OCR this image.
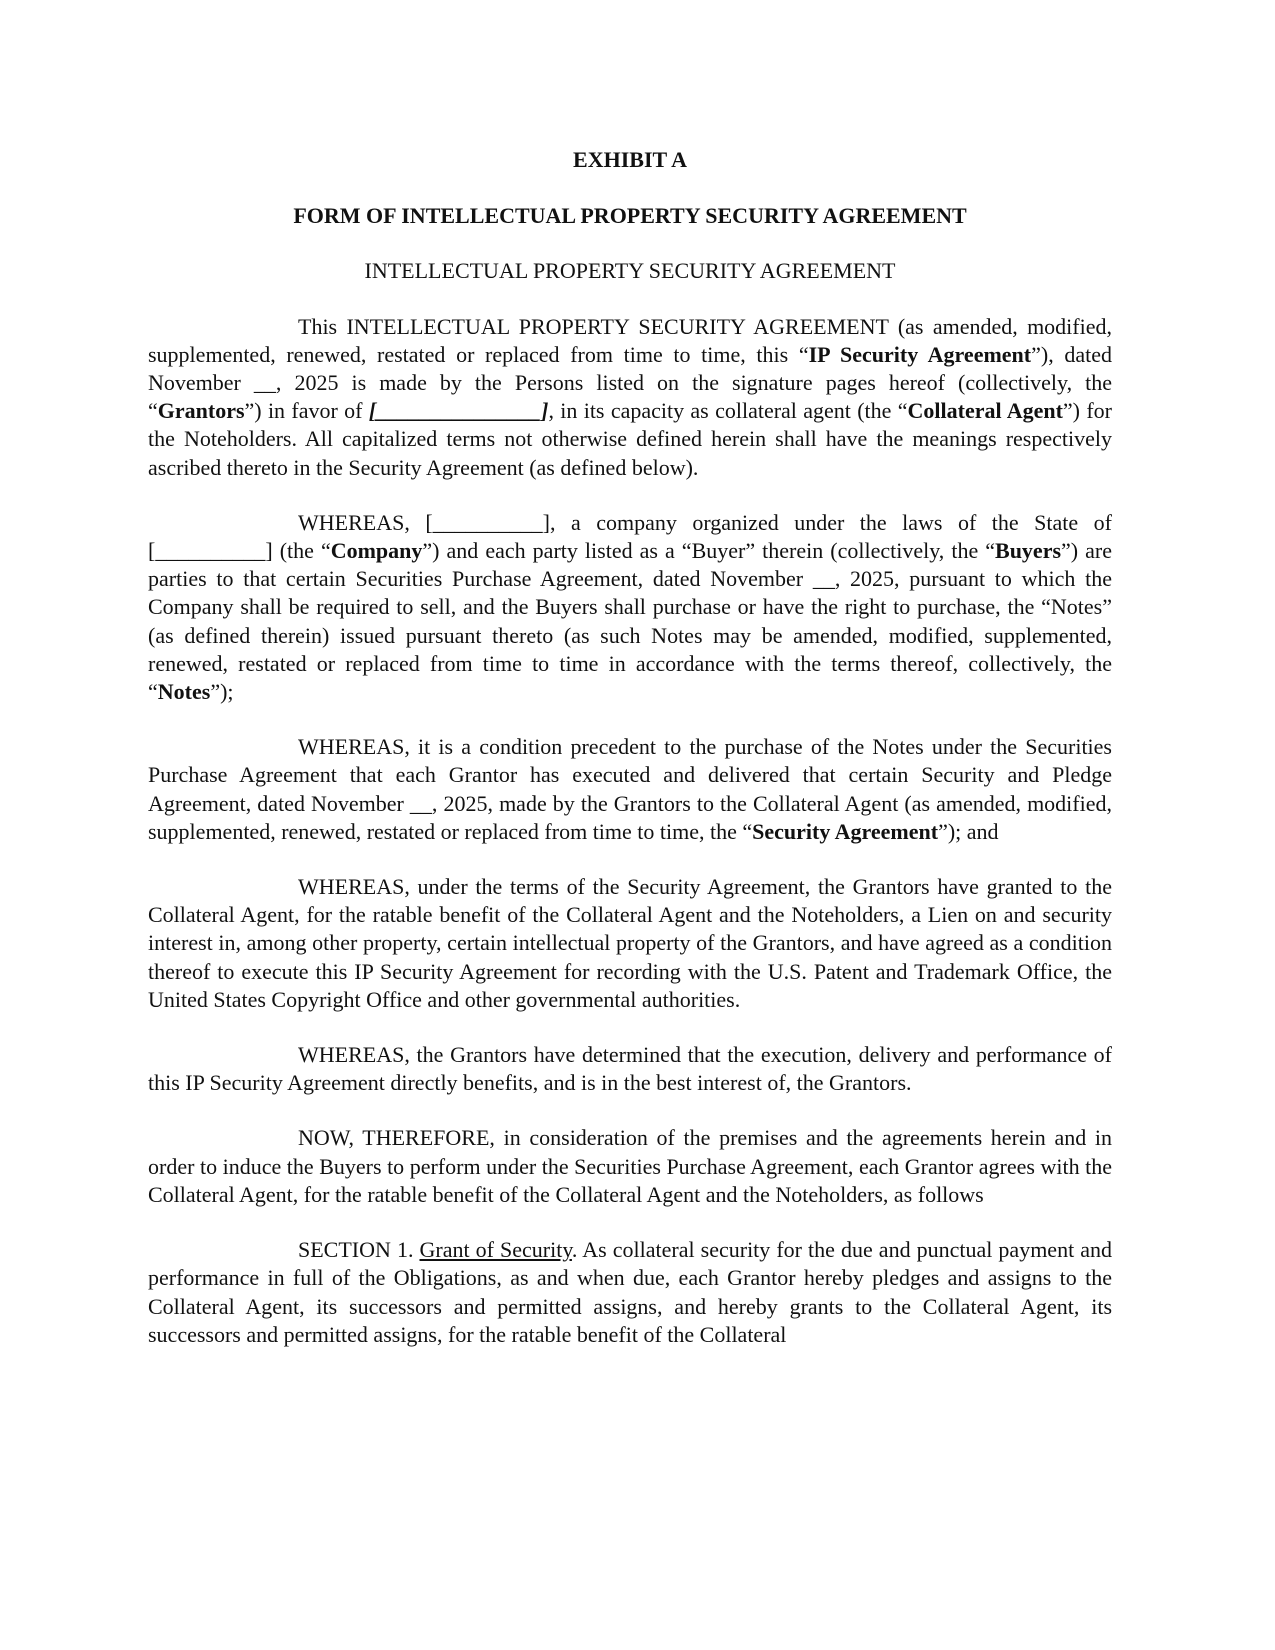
EXHIBIT A

FORM OF INTELLECTUAL PROPERTY SECURITY AGREEMENT

INTELLECTUAL PROPERTY SECURITY AGREEMENT

This INTELLECTUAL PROPERTY SECURITY AGREEMENT (as amended, modified, supplemented, renewed, restated or replaced from time to time, this “IP Security Agreement”), dated November __, 2025 is made by the Persons listed on the signature pages hereof (collectively, the “Grantors”) in favor of [_______________], in its capacity as collateral agent (the “Collateral Agent”) for the Noteholders. All capitalized terms not otherwise defined herein shall have the meanings respectively ascribed thereto in the Security Agreement (as defined below).

WHEREAS, [__________], a company organized under the laws of the State of [__________] (the “Company”) and each party listed as a “Buyer” therein (collectively, the “Buyers”) are parties to that certain Securities Purchase Agreement, dated November __, 2025, pursuant to which the Company shall be required to sell, and the Buyers shall purchase or have the right to purchase, the “Notes” (as defined therein) issued pursuant thereto (as such Notes may be amended, modified, supplemented, renewed, restated or replaced from time to time in accordance with the terms thereof, collectively, the “Notes”);

WHEREAS, it is a condition precedent to the purchase of the Notes under the Securities Purchase Agreement that each Grantor has executed and delivered that certain Security and Pledge Agreement, dated November __, 2025, made by the Grantors to the Collateral Agent (as amended, modified, supplemented, renewed, restated or replaced from time to time, the “Security Agreement”); and

WHEREAS, under the terms of the Security Agreement, the Grantors have granted to the Collateral Agent, for the ratable benefit of the Collateral Agent and the Noteholders, a Lien on and security interest in, among other property, certain intellectual property of the Grantors, and have agreed as a condition thereof to execute this IP Security Agreement for recording with the U.S. Patent and Trademark Office, the United States Copyright Office and other governmental authorities.

WHEREAS, the Grantors have determined that the execution, delivery and performance of this IP Security Agreement directly benefits, and is in the best interest of, the Grantors.

NOW, THEREFORE, in consideration of the premises and the agreements herein and in order to induce the Buyers to perform under the Securities Purchase Agreement, each Grantor agrees with the Collateral Agent, for the ratable benefit of the Collateral Agent and the Noteholders, as follows

SECTION 1. Grant of Security. As collateral security for the due and punctual payment and performance in full of the Obligations, as and when due, each Grantor hereby pledges and assigns to the Collateral Agent, its successors and permitted assigns, and hereby grants to the Collateral Agent, its successors and permitted assigns, for the ratable benefit of the Collateral
